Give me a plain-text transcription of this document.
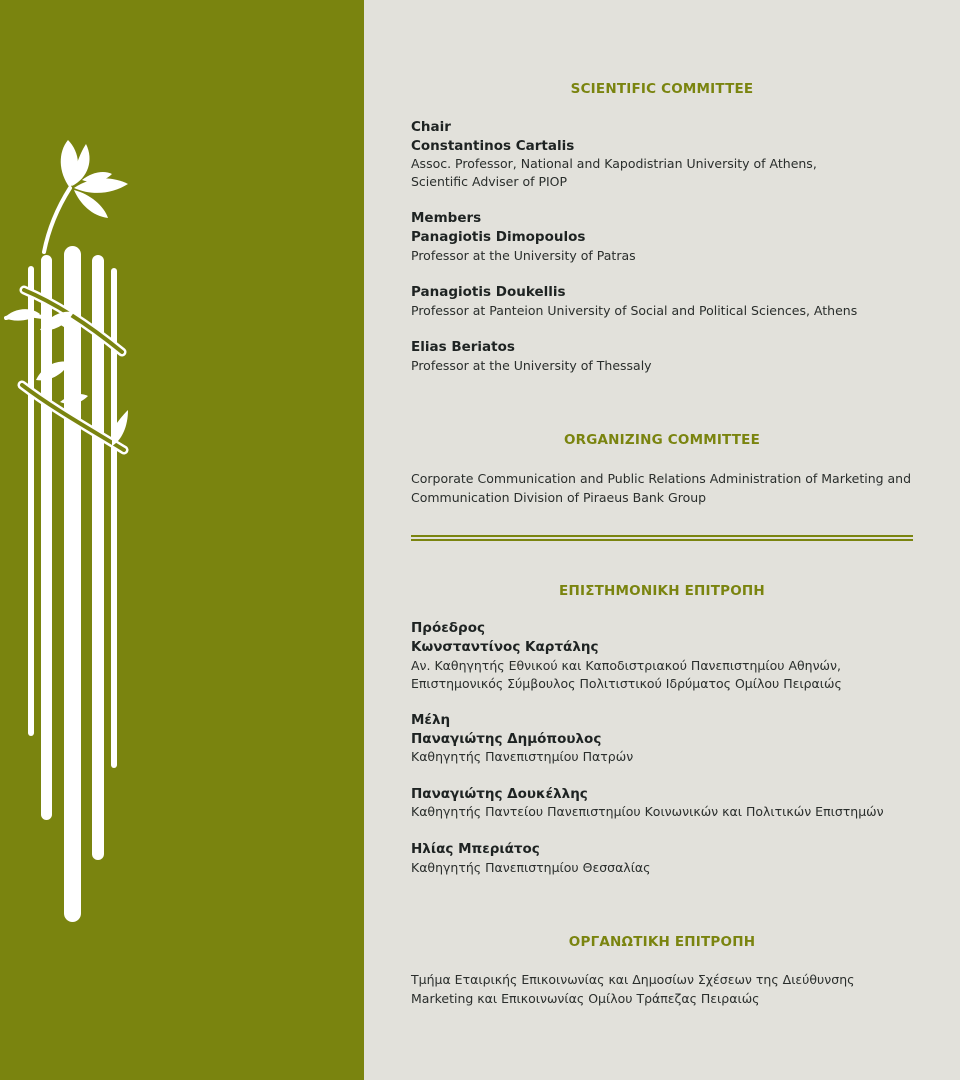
SCIENTIFIC COMMITTEE
Chair
Constantinos Cartalis
Assoc. Professor, National and Kapodistrian University of Athens,
Scientific Adviser of PIOP
Members
Panagiotis Dimopoulos
Professor at the University of Patras
Panagiotis Doukellis
Professor at Panteion University of Social and Political Sciences, Athens
Elias Beriatos
Professor at the University of Thessaly
ORGANIZING COMMITTEE
Corporate Communication and Public Relations Administration of Marketing and Communication Division of Piraeus Bank Group
ΕΠΙΣΤΗΜΟΝΙΚΗ ΕΠΙΤΡΟΠΗ
Πρόεδρος
Κωνσταντίνος Καρτάλης
Αν. Καθηγητής Εθνικού και Καποδιστριακού Πανεπιστημίου Αθηνών,
Επιστημονικός Σύμβουλος Πολιτιστικού Ιδρύματος Ομίλου Πειραιώς
Μέλη
Παναγιώτης Δημόπουλος
Καθηγητής Πανεπιστημίου Πατρών
Παναγιώτης Δουκέλλης
Καθηγητής Παντείου Πανεπιστημίου Κοινωνικών και Πολιτικών Επιστημών
Ηλίας Μπεριάτος
Καθηγητής Πανεπιστημίου Θεσσαλίας
ΟΡΓΑΝΩΤΙΚΗ ΕΠΙΤΡΟΠΗ
Τμήμα Εταιρικής Επικοινωνίας και Δημοσίων Σχέσεων της Διεύθυνσης Marketing και Επικοινωνίας Ομίλου Τράπεζας Πειραιώς
